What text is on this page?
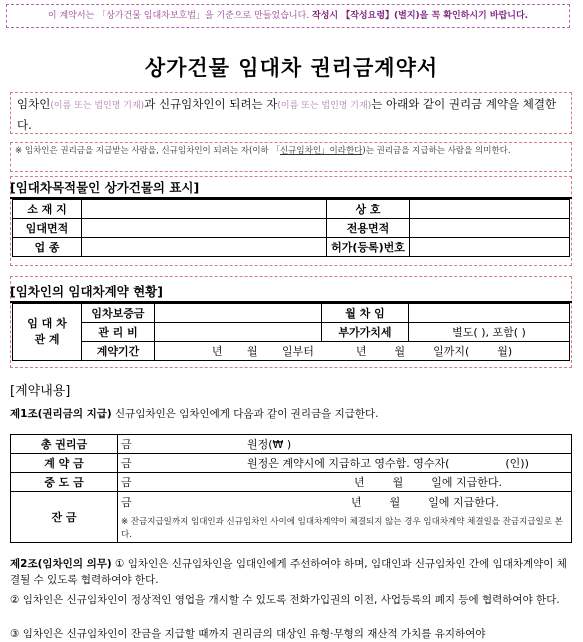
이 계약서는 「상가건물 임대차보호법」을 기준으로 만들었습니다. 작성시 【작성요령】(별지)을 꼭 확인하시기 바랍니다.
상가건물 임대차 권리금계약서
임차인(이름 또는 법인명 기재)과 신규임차인이 되려는 자(이름 또는 법인명 기재)는 아래와 같이 권리금 계약을 체결한다.
※ 임차인은 권리금을 지급받는 사람을, 신규임차인이 되려는 자(이하 「신규임차인」이라한다)는 권리금을 지급하는 사람을 의미한다.
[임대차목적물인 상가건물의 표시]
소 재 지		상 호	
임대면적		전용면적	
업 종		허가(등록)번호	
[임차인의 임대차계약 현황]
임 대 차
관 계	임차보증금		월 차 임	
	관 리 비		부가가치세	별도( ), 포함( )
	계약기간	년       월       일부터            년        월        일까지(        월)		
[계약내용]
제1조(권리금의 지급) 신규임차인은 임차인에게 다음과 같이 권리금을 지급한다.
총 권리금	금	원정(₩ )
계 약 금	금	원정은 계약시에 지급하고 영수함. 영수자(                (인))
중 도 금	금	년        월        일에 지급한다.
잔 금	금 년        월        일에 지급한다.
※ 잔금지급일까지 임대인과 신규임차인 사이에 임대차계약이 체결되지 않는 경우 임대차계약 체결일을 잔금지급일로 본다.	
제2조(임차인의 의무) ① 임차인은 신규임차인을 임대인에게 주선하여야 하며, 임대인과 신규임차인 간에 임대차계약이 체결될 수 있도록 협력하여야 한다.
② 임차인은 신규임차인이 정상적인 영업을 개시할 수 있도록 전화가입권의 이전, 사업등록의 폐지 등에 협력하여야 한다.
③ 임차인은 신규임차인이 잔금을 지급할 때까지 권리금의 대상인 유형·무형의 재산적 가치를 유지하여야
